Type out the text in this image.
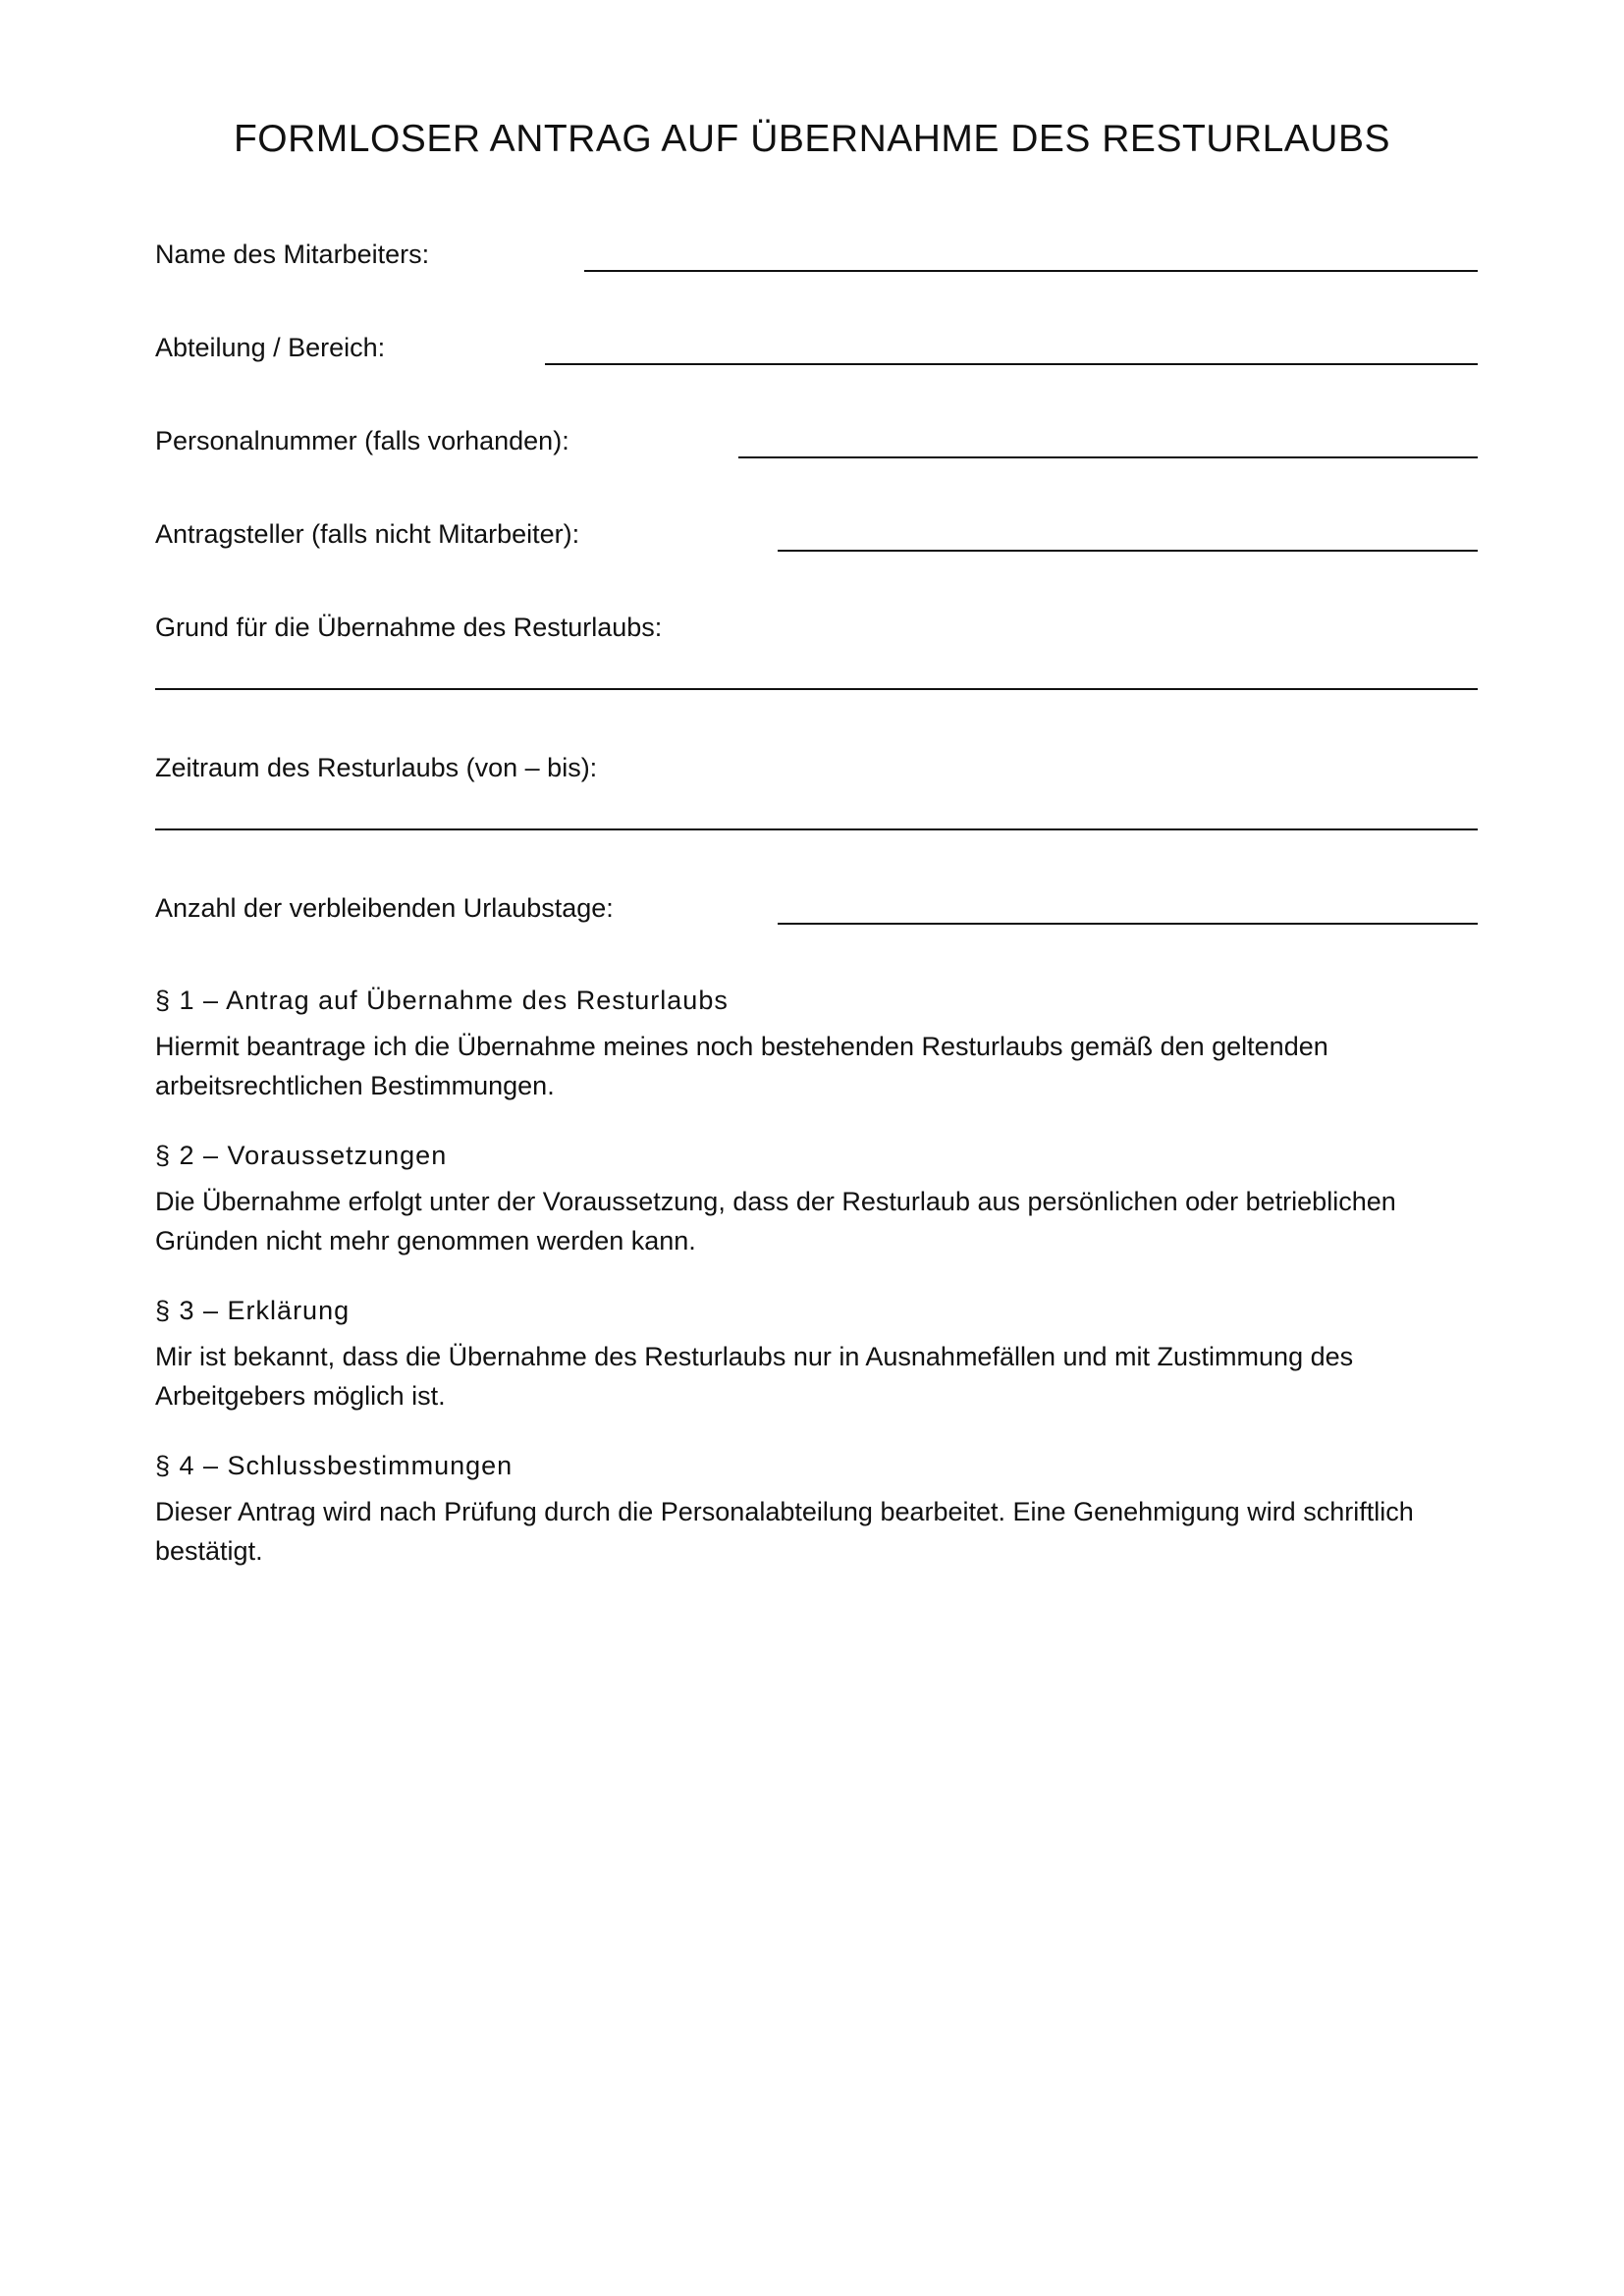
FORMLOSER ANTRAG AUF ÜBERNAHME DES RESTURLAUBS
Name des Mitarbeiters:
Abteilung / Bereich:
Personalnummer (falls vorhanden):
Antragsteller (falls nicht Mitarbeiter):
Grund für die Übernahme des Resturlaubs:
Zeitraum des Resturlaubs (von – bis):
Anzahl der verbleibenden Urlaubstage:
§ 1 – Antrag auf Übernahme des Resturlaubs
Hiermit beantrage ich die Übernahme meines noch bestehenden Resturlaubs gemäß den geltenden arbeitsrechtlichen Bestimmungen.
§ 2 – Voraussetzungen
Die Übernahme erfolgt unter der Voraussetzung, dass der Resturlaub aus persönlichen oder betrieblichen Gründen nicht mehr genommen werden kann.
§ 3 – Erklärung
Mir ist bekannt, dass die Übernahme des Resturlaubs nur in Ausnahmefällen und mit Zustimmung des Arbeitgebers möglich ist.
§ 4 – Schlussbestimmungen
Dieser Antrag wird nach Prüfung durch die Personalabteilung bearbeitet. Eine Genehmigung wird schriftlich bestätigt.
